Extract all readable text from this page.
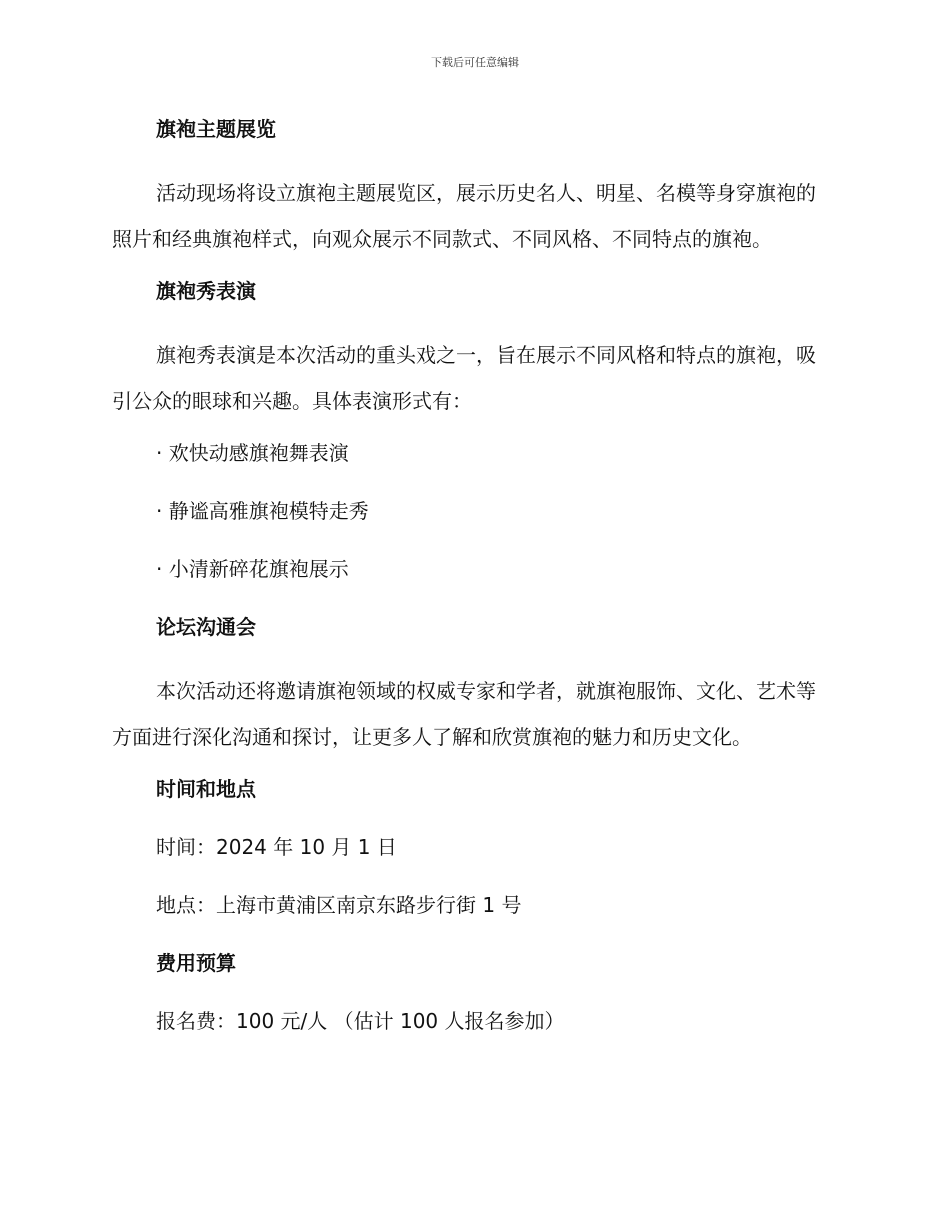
下载后可任意编辑
旗袍主题展览
活动现场将设立旗袍主题展览区，展示历史名人、明星、名模等身穿旗袍的照片和经典旗袍样式，向观众展示不同款式、不同风格、不同特点的旗袍。
旗袍秀表演
旗袍秀表演是本次活动的重头戏之一，旨在展示不同风格和特点的旗袍，吸引公众的眼球和兴趣。具体表演形式有：
· 欢快动感旗袍舞表演
· 静谧高雅旗袍模特走秀
· 小清新碎花旗袍展示
论坛沟通会
本次活动还将邀请旗袍领域的权威专家和学者，就旗袍服饰、文化、艺术等方面进行深化沟通和探讨，让更多人了解和欣赏旗袍的魅力和历史文化。
时间和地点
时间：2024 年 10 月 1 日
地点：上海市黄浦区南京东路步行街 1 号
费用预算
报名费：100 元/人 （估计 100 人报名参加）
